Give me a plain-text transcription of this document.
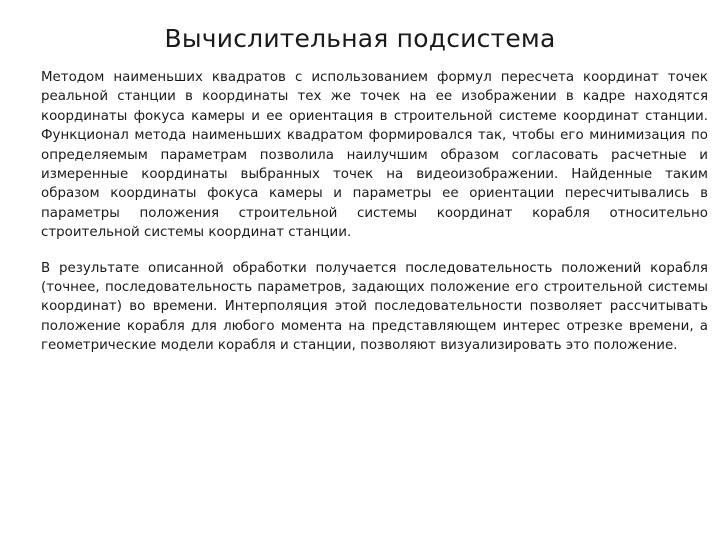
Вычислительная подсистема

Методом наименьших квадратов с использованием формул пересчета координат точек реальной станции в координаты тех же точек на ее изображении в кадре находятся координаты фокуса камеры и ее ориентация в строительной системе координат станции. Функционал метода наименьших квадратом формировался так, чтобы его минимизация по определяемым параметрам позволила наилучшим образом согласовать расчетные и измеренные координаты выбранных точек на видеоизображении. Найденные таким образом координаты фокуса камеры и параметры ее ориентации пересчитывались в параметры положения строительной системы координат корабля относительно строительной системы координат станции.

В результате описанной обработки получается последовательность положений корабля (точнее, последовательность параметров, задающих положение его строительной системы координат) во времени. Интерполяция этой последовательности позволяет рассчитывать положение корабля для любого момента на представляющем интерес отрезке времени, а геометрические модели корабля и станции, позволяют визуализировать это положение.
